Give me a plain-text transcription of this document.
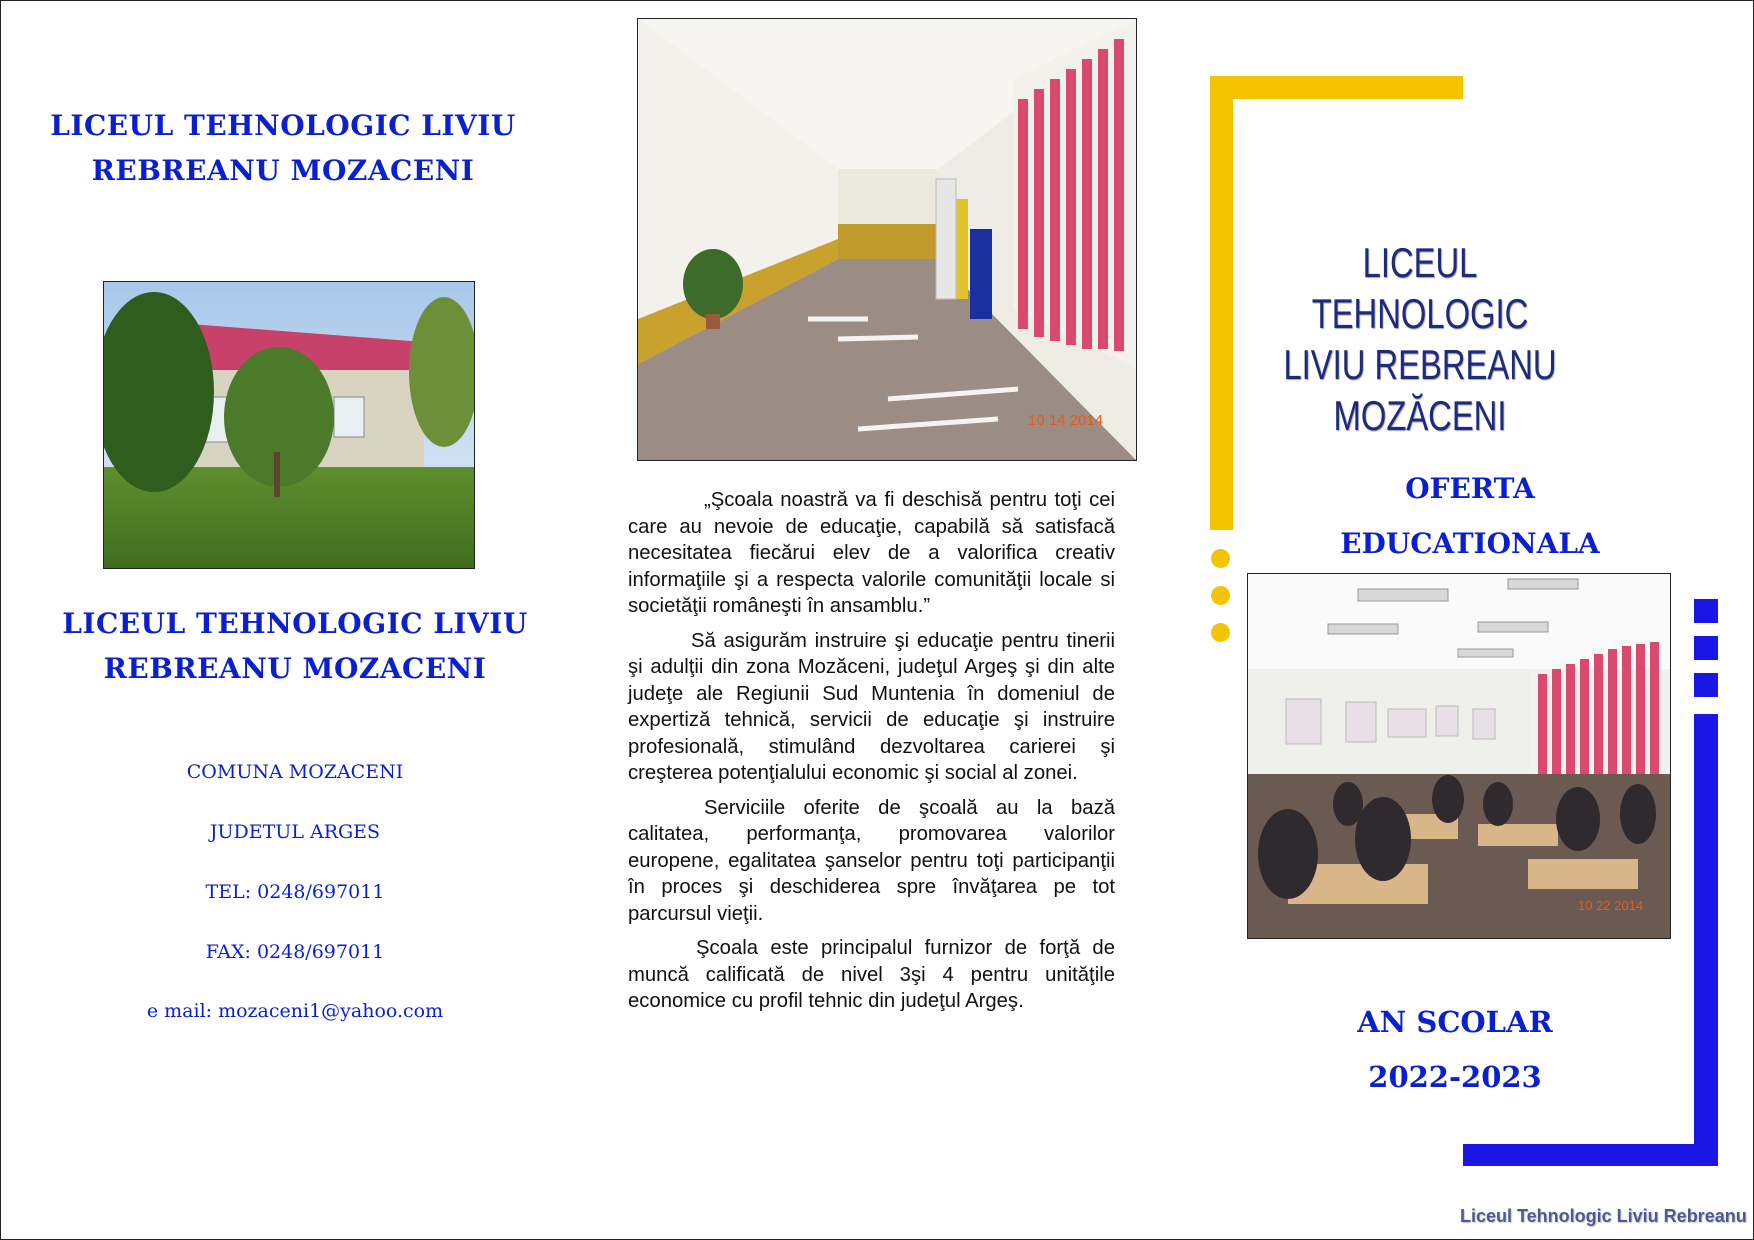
LICEUL TEHNOLOGIC LIVIU
REBREANU MOZACENI
LICEUL TEHNOLOGIC LIVIU
REBREANU MOZACENI
COMUNA MOZACENI
JUDETUL ARGES
TEL: 0248/697011
FAX: 0248/697011
e mail: mozaceni1@yahoo.com
10 14 2014

„Şcoala noastră va fi deschisă pentru toţi cei care au nevoie de educaţie, capabilă să satisfacă necesitatea fiecărui elev de a valorifica creativ informaţiile şi a respecta valorile comunităţii locale si societăţii româneşti în ansamblu.”

Să asigurăm instruire şi educaţie pentru tinerii şi adulţii din zona Mozăceni, judeţul Argeş şi din alte judeţe ale Regiunii Sud Muntenia în domeniul de expertiză tehnică, servicii de educaţie şi instruire profesională, stimulând dezvoltarea carierei şi creşterea potenţialului economic şi social al zonei.

Serviciile oferite de şcoală au la bază calitatea, performanţa, promovarea valorilor europene, egalitatea şanselor pentru toţi participanţii în proces şi deschiderea spre învăţarea pe tot parcursul vieţii.

Şcoala este principalul furnizor de forţă de muncă calificată de nivel 3şi 4 pentru unităţile economice cu profil tehnic din judeţul Argeş.

LICEUL TEHNOLOGIC
LIVIU REBREANU
MOZĂCENI
OFERTA
EDUCATIONALA
10 22 2014
AN SCOLAR
2022-2023
Liceul Tehnologic Liviu Rebreanu
